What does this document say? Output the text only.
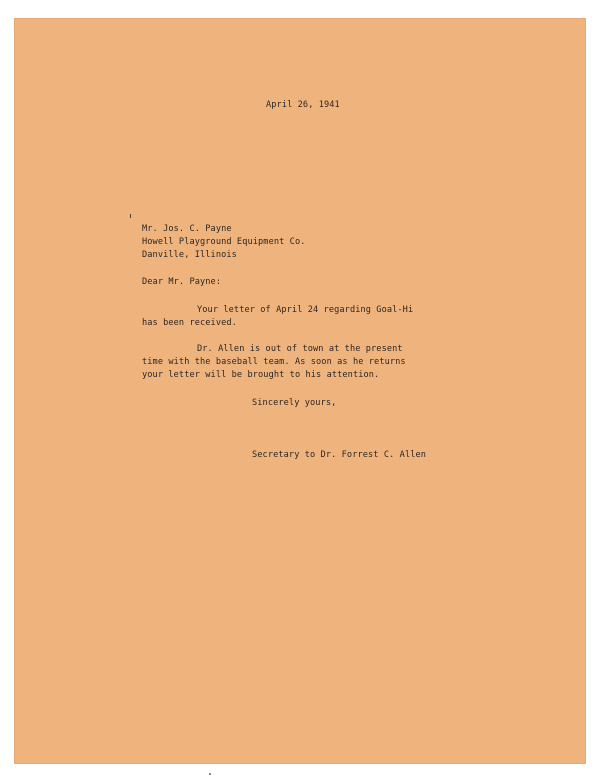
April 26, 1941
Mr. Jos. C. Payne
Howell Playground Equipment Co.
Danville, Illinois
Dear Mr. Payne:
Your letter of April 24 regarding Goal-Hi
has been received.
Dr. Allen is out of town at the present
time with the baseball team. As soon as he returns
your letter will be brought to his attention.
Sincerely yours,
Secretary to Dr. Forrest C. Allen
